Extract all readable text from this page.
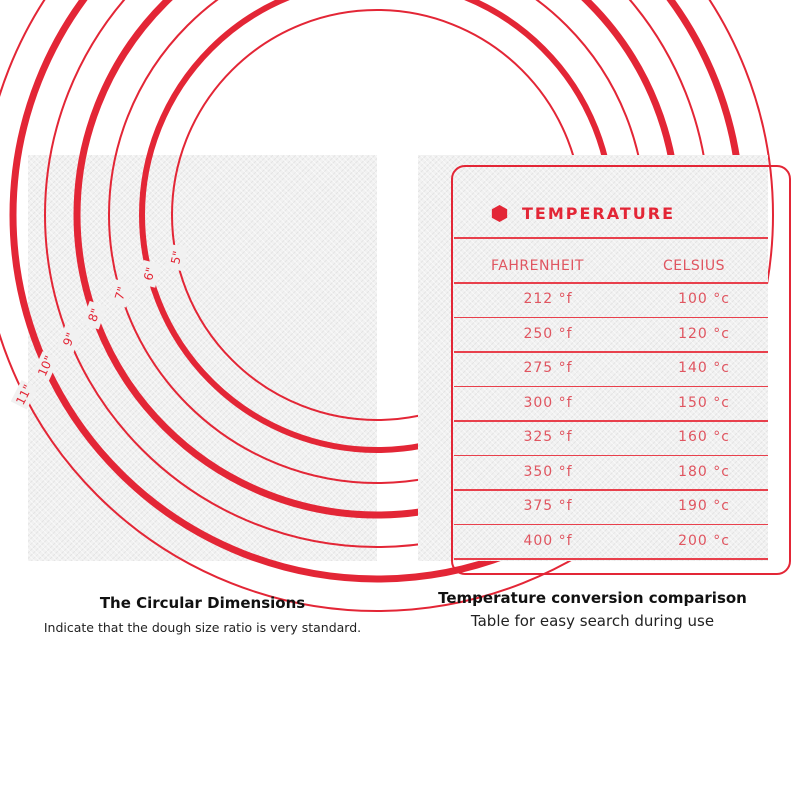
5"
6"
7"
8"
9"
10"
11"
The Circular Dimensions
Indicate that the dough size ratio is very standard.
TEMPERATURE
FAHRENHEIT	CELSIUS
212 °f	100 °c
250 °f	120 °c
275 °f	140 °c
300 °f	150 °c
325 °f	160 °c
350 °f	180 °c
375 °f	190 °c
400 °f	200 °c
Temperature conversion comparison
Table for easy search during use
